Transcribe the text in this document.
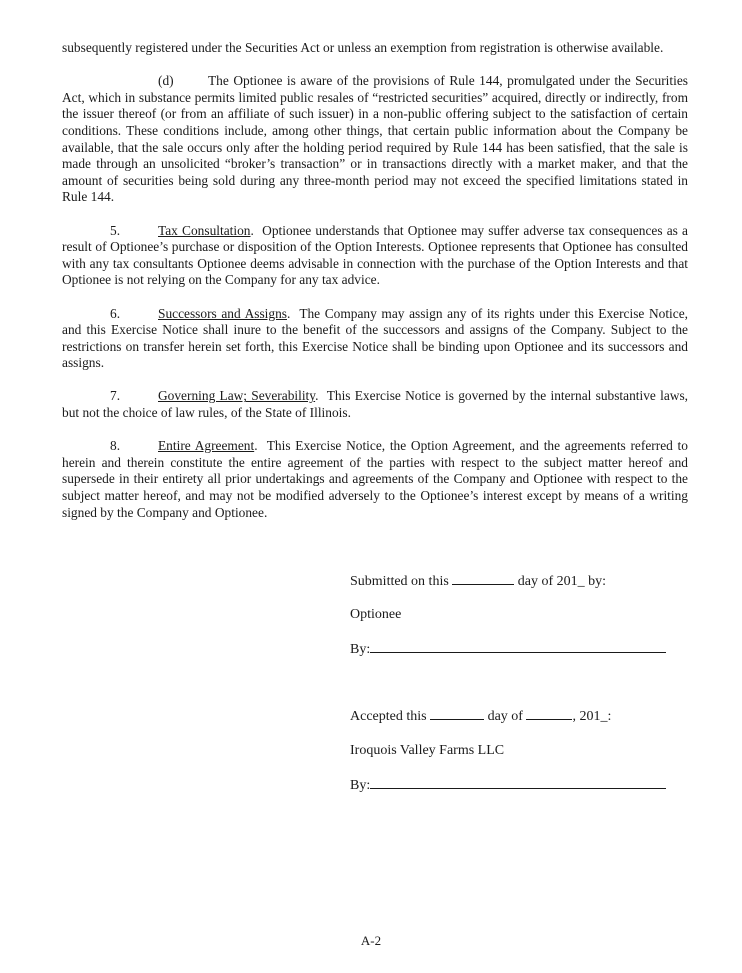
subsequently registered under the Securities Act or unless an exemption from registration is otherwise available.

(d)	The Optionee is aware of the provisions of Rule 144, promulgated under the Securities Act, which in substance permits limited public resales of “restricted securities” acquired, directly or indirectly, from the issuer thereof (or from an affiliate of such issuer) in a non-public offering subject to the satisfaction of certain conditions. These conditions include, among other things, that certain public information about the Company be available, that the sale occurs only after the holding period required by Rule 144 has been satisfied, that the sale is made through an unsolicited “broker’s transaction” or in transactions directly with a market maker, and that the amount of securities being sold during any three-month period may not exceed the specified limitations stated in Rule 144.

5.	Tax Consultation.  Optionee understands that Optionee may suffer adverse tax consequences as a result of Optionee’s purchase or disposition of the Option Interests. Optionee represents that Optionee has consulted with any tax consultants Optionee deems advisable in connection with the purchase of the Option Interests and that Optionee is not relying on the Company for any tax advice.

6.	Successors and Assigns.  The Company may assign any of its rights under this Exercise Notice, and this Exercise Notice shall inure to the benefit of the successors and assigns of the Company. Subject to the restrictions on transfer herein set forth, this Exercise Notice shall be binding upon Optionee and its successors and assigns.

7.	Governing Law; Severability.  This Exercise Notice is governed by the internal substantive laws, but not the choice of law rules, of the State of Illinois.

8.	Entire Agreement.  This Exercise Notice, the Option Agreement, and the agreements referred to herein and therein constitute the entire agreement of the parties with respect to the subject matter hereof and supersede in their entirety all prior undertakings and agreements of the Company and Optionee with respect to the subject matter hereof, and may not be modified adversely to the Optionee’s interest except by means of a writing signed by the Company and Optionee.

Submitted on this	day of 201_ by:
Optionee
By:
Accepted this	day of	, 201_:
Iroquois Valley Farms LLC
By:
A-2
